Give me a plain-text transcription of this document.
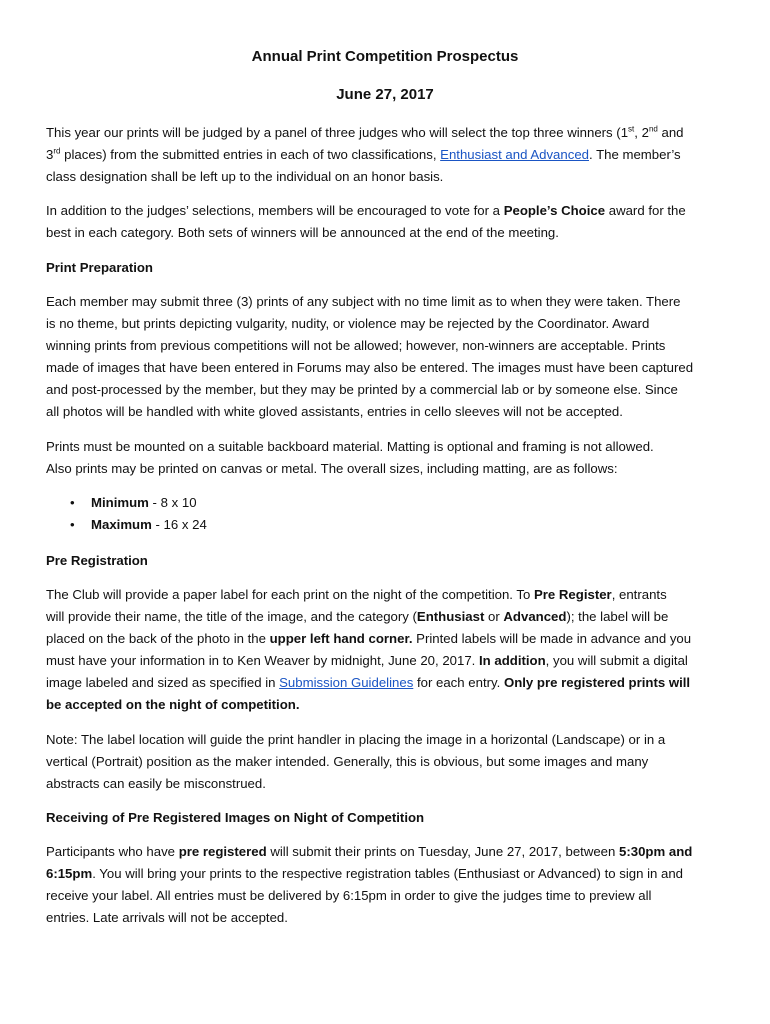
Annual Print Competition Prospectus

June 27, 2017

This year our prints will be judged by a panel of three judges who will select the top three winners (1st, 2nd and

3rd places) from the submitted entries in each of two classifications, Enthusiast and Advanced. The member’s

class designation shall be left up to the individual on an honor basis.

In addition to the judges’ selections, members will be encouraged to vote for a People’s Choice award for the

best in each category. Both sets of winners will be announced at the end of the meeting.

Print Preparation

Each member may submit three (3) prints of any subject with no time limit as to when they were taken. There

is no theme, but prints depicting vulgarity, nudity, or violence may be rejected by the Coordinator. Award

winning prints from previous competitions will not be allowed; however, non-winners are acceptable. Prints

made of images that have been entered in Forums may also be entered. The images must have been captured

and post-processed by the member, but they may be printed by a commercial lab or by someone else. Since

all photos will be handled with white gloved assistants, entries in cello sleeves will not be accepted.

Prints must be mounted on a suitable backboard material. Matting is optional and framing is not allowed.

Also prints may be printed on canvas or metal. The overall sizes, including matting, are as follows:

• Minimum - 8 x 10
• Maximum - 16 x 24
Pre Registration

The Club will provide a paper label for each print on the night of the competition. To Pre Register, entrants

will provide their name, the title of the image, and the category (Enthusiast or Advanced); the label will be

placed on the back of the photo in the upper left hand corner. Printed labels will be made in advance and you

must have your information in to Ken Weaver by midnight, June 20, 2017. In addition, you will submit a digital

image labeled and sized as specified in Submission Guidelines for each entry. Only pre registered prints will

be accepted on the night of competition.

Note: The label location will guide the print handler in placing the image in a horizontal (Landscape) or in a

vertical (Portrait) position as the maker intended. Generally, this is obvious, but some images and many

abstracts can easily be misconstrued.

Receiving of Pre Registered Images on Night of Competition

Participants who have pre registered will submit their prints on Tuesday, June 27, 2017, between 5:30pm and

6:15pm. You will bring your prints to the respective registration tables (Enthusiast or Advanced) to sign in and

receive your label. All entries must be delivered by 6:15pm in order to give the judges time to preview all

entries. Late arrivals will not be accepted.
